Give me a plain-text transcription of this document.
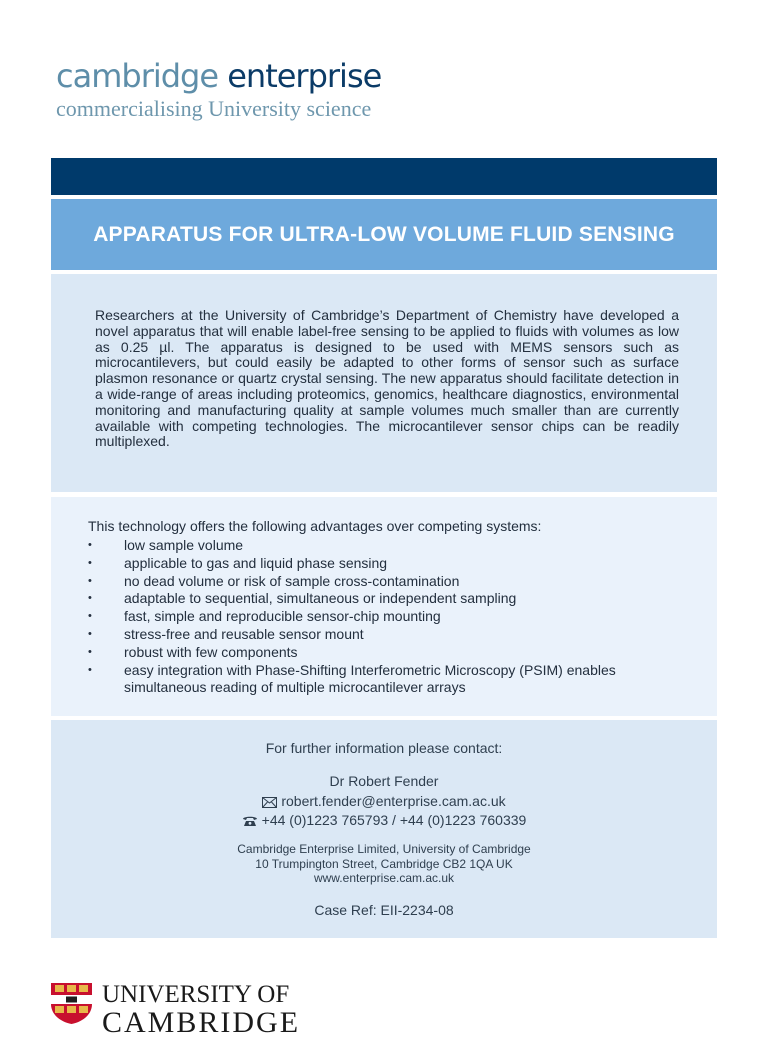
cambridge enterprise
commercialising University science
APPARATUS FOR ULTRA-LOW VOLUME FLUID SENSING

Researchers at the University of Cambridge’s Department of Chemistry have developed a novel apparatus that will enable label-free sensing to be applied to fluids with volumes as low as 0.25 µl. The apparatus is designed to be used with MEMS sensors such as microcantilevers, but could easily be adapted to other forms of sensor such as surface plasmon resonance or quartz crystal sensing. The new apparatus should facilitate detection in a wide-range of areas including proteomics, genomics, healthcare diagnostics, environmental monitoring and manufacturing quality at sample volumes much smaller than are currently available with competing technologies. The microcantilever sensor chips can be readily multiplexed.

This technology offers the following advantages over competing systems:

• low sample volume
• applicable to gas and liquid phase sensing
• no dead volume or risk of sample cross-contamination
• adaptable to sequential, simultaneous or independent sampling
• fast, simple and reproducible sensor-chip mounting
• stress-free and reusable sensor mount
• robust with few components
• easy integration with Phase-Shifting Interferometric Microscopy (PSIM) enables simultaneous reading of multiple microcantilever arrays
For further information please contact:
Dr Robert Fender
robert.fender@enterprise.cam.ac.uk
+44 (0)1223 765793 / +44 (0)1223 760339
Cambridge Enterprise Limited, University of Cambridge
10 Trumpington Street, Cambridge CB2 1QA UK
www.enterprise.cam.ac.uk
Case Ref: EII-2234-08
UNIVERSITY OF
CAMBRIDGE
